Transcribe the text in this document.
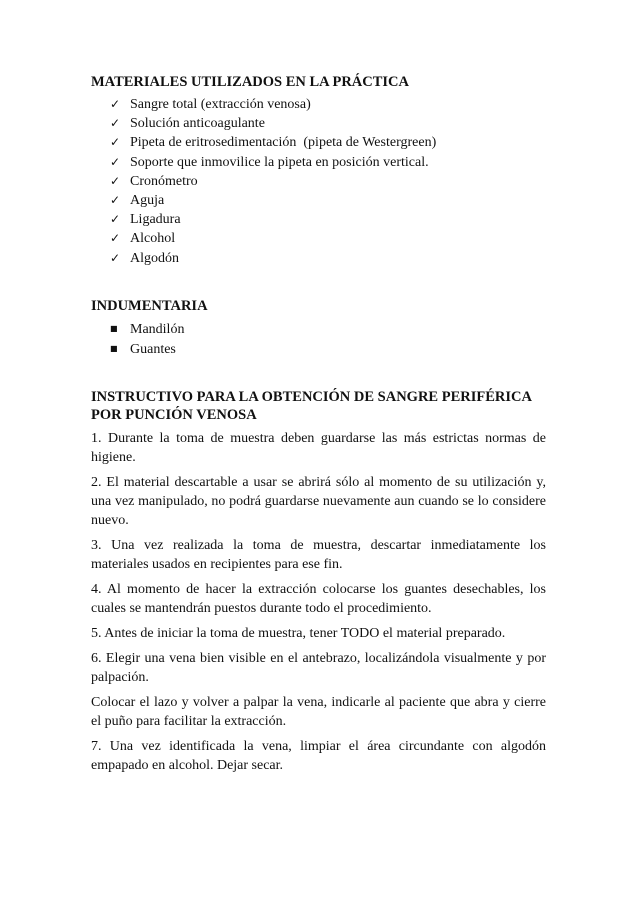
MATERIALES UTILIZADOS EN LA PRÁCTICA
✓ Sangre total (extracción venosa)
✓ Solución anticoagulante
✓ Pipeta de eritrosedimentación  (pipeta de Westergreen)
✓ Soporte que inmovilice la pipeta en posición vertical.
✓ Cronómetro
✓ Aguja
✓ Ligadura
✓ Alcohol
✓ Algodón
INDUMENTARIA
■ Mandilón
■ Guantes
INSTRUCTIVO PARA LA OBTENCIÓN DE SANGRE PERIFÉRICA
POR PUNCIÓN VENOSA

1. Durante la toma de muestra deben guardarse las más estrictas normas de higiene.

2. El material descartable a usar se abrirá sólo al momento de su utilización y, una vez manipulado, no podrá guardarse nuevamente aun cuando se lo considere nuevo.

3. Una vez realizada la toma de muestra, descartar inmediatamente los materiales usados en recipientes para ese fin.

4. Al momento de hacer la extracción colocarse los guantes desechables, los cuales se mantendrán puestos durante todo el procedimiento.

5. Antes de iniciar la toma de muestra, tener TODO el material preparado.

6. Elegir una vena bien visible en el antebrazo, localizándola visualmente y por palpación.

Colocar el lazo y volver a palpar la vena, indicarle al paciente que abra y cierre el puño para facilitar la extracción.

7. Una vez identificada la vena, limpiar el área circundante con algodón empapado en alcohol. Dejar secar.
